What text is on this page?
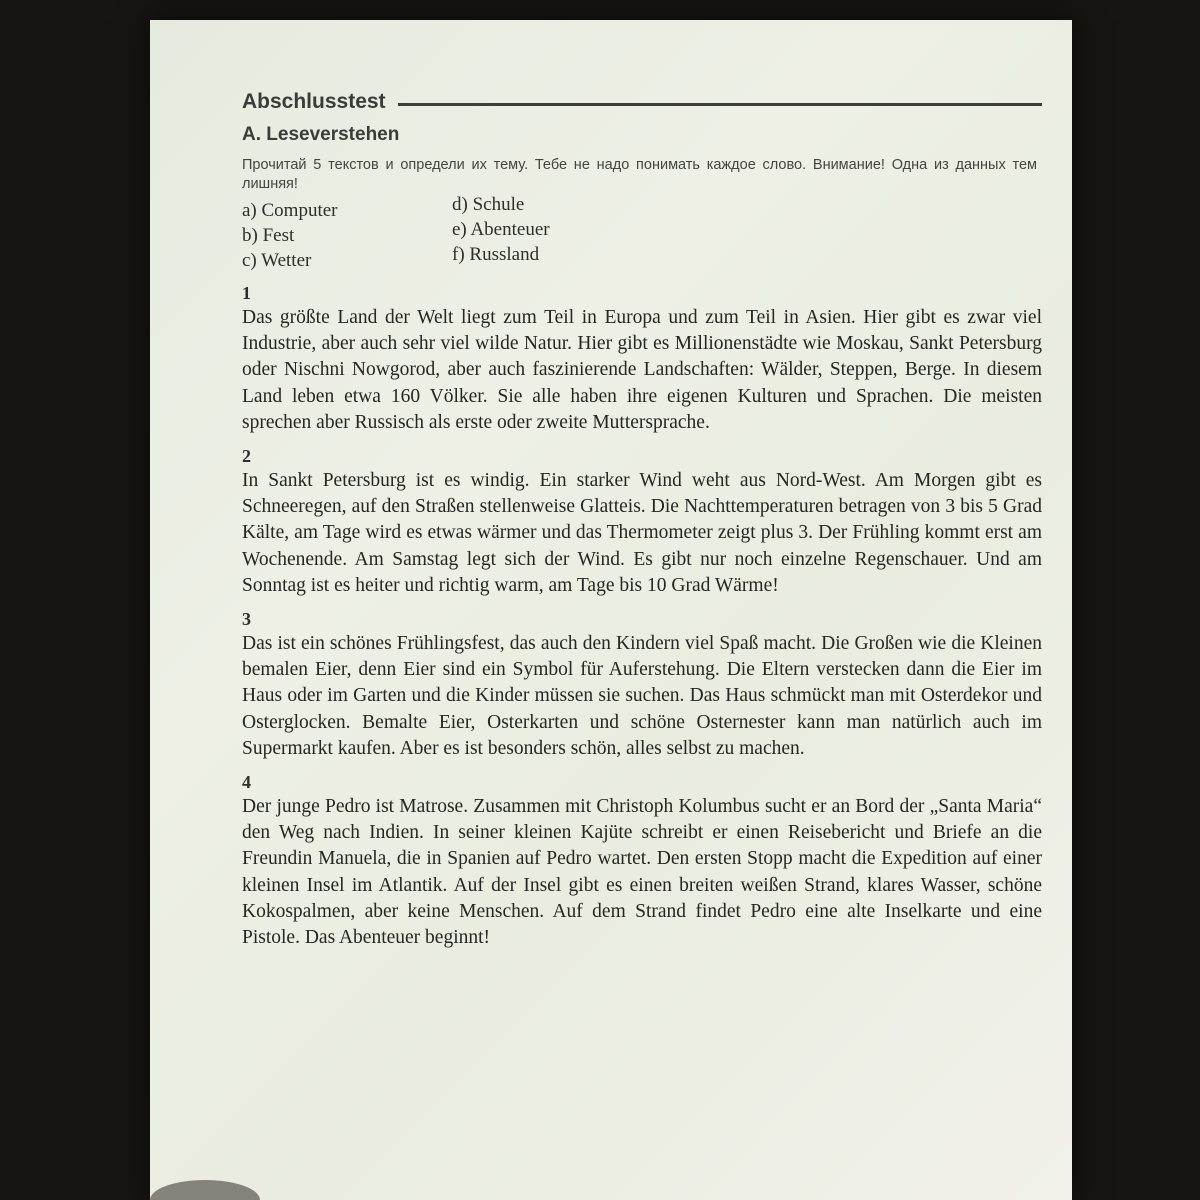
Abschlusstest
A. Leseverstehen
Прочитай 5 текстов и определи их тему. Тебе не надо понимать каждое слово. Внимание! Одна из данных тем лишняя!
a) Computer
b) Fest
c) Wetter
d) Schule
e) Abenteuer
f) Russland
1

Das größte Land der Welt liegt zum Teil in Europa und zum Teil in Asien. Hier gibt es zwar viel Industrie, aber auch sehr viel wilde Natur. Hier gibt es Millionenstädte wie Moskau, Sankt Petersburg oder Nischni Nowgorod, aber auch faszinierende Landschaften: Wälder, Steppen, Berge. In diesem Land leben etwa 160 Völker. Sie alle haben ihre eigenen Kulturen und Sprachen. Die meisten sprechen aber Russisch als erste oder zweite Muttersprache.

2

In Sankt Petersburg ist es windig. Ein starker Wind weht aus Nord-West. Am Morgen gibt es Schneeregen, auf den Straßen stellenweise Glatteis. Die Nachttemperaturen betragen von 3 bis 5 Grad Kälte, am Tage wird es etwas wärmer und das Thermometer zeigt plus 3. Der Frühling kommt erst am Wochenende. Am Samstag legt sich der Wind. Es gibt nur noch einzelne Regenschauer. Und am Sonntag ist es heiter und richtig warm, am Tage bis 10 Grad Wärme!

3

Das ist ein schönes Frühlingsfest, das auch den Kindern viel Spaß macht. Die Großen wie die Kleinen bemalen Eier, denn Eier sind ein Symbol für Auferstehung. Die Eltern verstecken dann die Eier im Haus oder im Garten und die Kinder müssen sie suchen. Das Haus schmückt man mit Osterdekor und Osterglocken. Bemalte Eier, Osterkarten und schöne Osternester kann man natürlich auch im Supermarkt kaufen. Aber es ist besonders schön, alles selbst zu machen.

4

Der junge Pedro ist Matrose. Zusammen mit Christoph Kolumbus sucht er an Bord der „Santa Maria“ den Weg nach Indien. In seiner kleinen Kajüte schreibt er einen Reisebericht und Briefe an die Freundin Manuela, die in Spanien auf Pedro wartet. Den ersten Stopp macht die Expedition auf einer kleinen Insel im Atlantik. Auf der Insel gibt es einen breiten weißen Strand, klares Wasser, schöne Kokospalmen, aber keine Menschen. Auf dem Strand findet Pedro eine alte Inselkarte und eine Pistole. Das Abenteuer beginnt!
